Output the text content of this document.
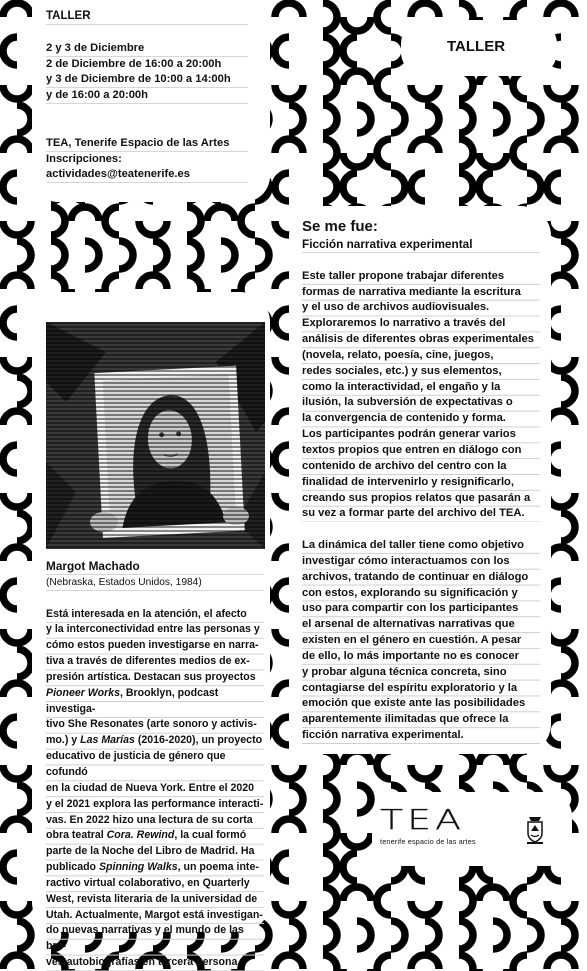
TALLER
2 y 3 de Diciembre
2 de Diciembre de 16:00 a 20:00h
y 3 de Diciembre de 10:00 a 14:00h
y de 16:00 a 20:00h
TEA, Tenerife Espacio de las Artes
Inscripciones:
actividades@teatenerife.es
TALLER
Margot Machado
(Nebraska, Estados Unidos, 1984)

Está interesada en la atención, el afecto

y la interconectividad entre las personas y

cómo estos pueden investigarse en narra-

tiva a través de diferentes medios de ex-

presión artística. Destacan sus proyectos

Pioneer Works, Brooklyn, podcast investiga-

tivo She Resonates (arte sonoro y activis-

mo.) y Las Marías (2016-2020), un proyecto

educativo de justicia de género que cofundó

en la ciudad de Nueva York. Entre el 2020

y el 2021 explora las performance interacti-

vas. En 2022 hizo una lectura de su corta

obra teatral Cora. Rewind, la cual formó

parte de la Noche del Libro de Madrid. Ha

publicado Spinning Walks, un poema inte-

ractivo virtual colaborativo, en Quarterly

West, revista literaria de la universidad de

Utah. Actualmente, Margot está investigan-

do nuevas narrativas y el mundo de las bre-

ves autobiografías en tercera persona.

Se me fue:
Ficción narrativa experimental

Este taller propone trabajar diferentes

formas de narrativa mediante la escritura

y el uso de archivos audiovisuales.

Exploraremos lo narrativo a través del

análisis de diferentes obras experimentales

(novela, relato, poesía, cine, juegos,

redes sociales, etc.) y sus elementos,

como la interactividad, el engaño y la

ilusión, la subversión de expectativas o

la convergencia de contenido y forma.

Los participantes podrán generar varios

textos propios que entren en diálogo con

contenido de archivo del centro con la

finalidad de intervenirlo y resignificarlo,

creando sus propios relatos que pasarán a

su vez a formar parte del archivo del TEA.

La dinámica del taller tiene como objetivo

investigar cómo interactuamos con los

archivos, tratando de continuar en diálogo

con estos, explorando su significación y

uso para compartir con los participantes

el arsenal de alternativas narrativas que

existen en el género en cuestión. A pesar

de ello, lo más importante no es conocer

y probar alguna técnica concreta, sino

contagiarse del espíritu exploratorio y la

emoción que existe ante las posibilidades

aparentemente ilimitadas que ofrece la

ficción narrativa experimental.

TEA
tenerife espacio de las artes
